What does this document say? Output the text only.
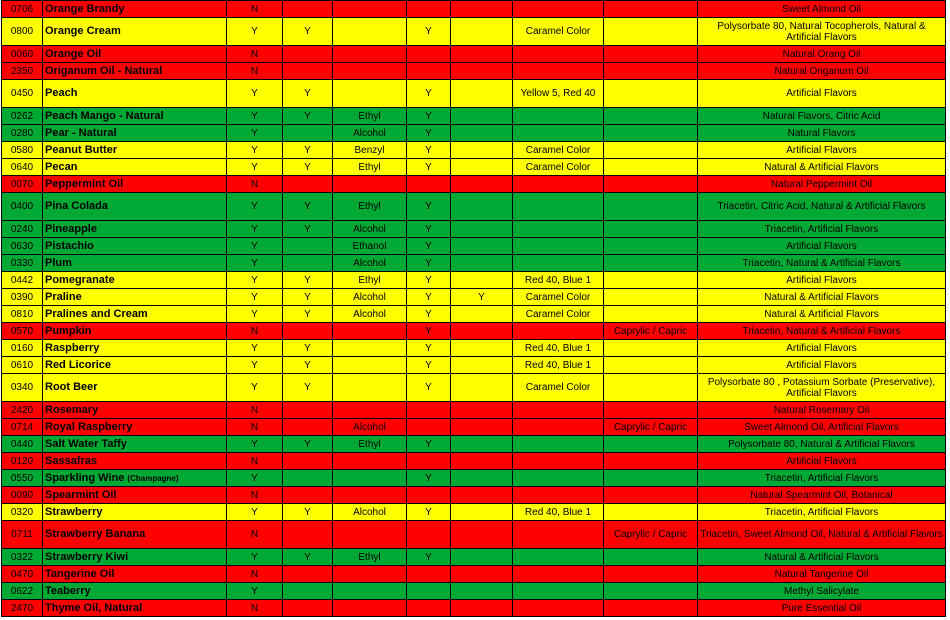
0706	Orange Brandy	N							Sweet Almond Oil
0800	Orange Cream	Y	Y		Y		Caramel Color		Polysorbate 80, Natural Tocopherols, Natural & Artificial Flavors
0060	Orange Oil	N							Natural Orang Oil
2350	Origanum Oil - Natural	N							Natural Origanum Oil
0450	Peach	Y	Y		Y		Yellow 5, Red 40		Artificial Flavors
0262	Peach Mango - Natural	Y	Y	Ethyl	Y				Natural Flavors, Citric Acid
0280	Pear - Natural	Y		Alcohol	Y				Natural Flavors
0580	Peanut Butter	Y	Y	Benzyl	Y		Caramel Color		Artificial Flavors
0640	Pecan	Y	Y	Ethyl	Y		Caramel Color		Natural & Artificial Flavors
0070	Peppermint Oil	N							Natural Peppermint Oil
0400	Pina Colada	Y	Y	Ethyl	Y				Triacetin, Citric Acid, Natural & Artificial Flavors
0240	Pineapple	Y	Y	Alcohol	Y				Triacetin, Artificial Flavors
0630	Pistachio	Y		Ethanol	Y				Artificial Flavors
0330	Plum	Y		Alcohol	Y				Triacetin, Natural & Artificial Flavors
0442	Pomegranate	Y	Y	Ethyl	Y		Red 40, Blue 1		Artificial Flavors
0390	Praline	Y	Y	Alcohol	Y	Y	Caramel Color		Natural & Artificial Flavors
0810	Pralines and Cream	Y	Y	Alcohol	Y		Caramel Color		Natural & Artificial Flavors
0570	Pumpkin	N			Y			Caprylic / Capric	Triacetin, Natural & Artificial Flavors
0160	Raspberry	Y	Y		Y		Red 40, Blue 1		Artificial Flavors
0610	Red Licorice	Y	Y		Y		Red 40, Blue 1		Artificial Flavors
0340	Root Beer	Y	Y		Y		Caramel Color		Polysorbate 80 , Potassium Sorbate (Preservative), Artificial Flavors
2420	Rosemary	N							Natural Rosemary Oil
0714	Royal Raspberry	N		Alcohol				Caprylic / Capric	Sweet Almond Oil, Artificial Flavors
0440	Salt Water Taffy	Y	Y	Ethyl	Y				Polysorbate 80, Natural & Artificial Flavors
0120	Sassafras	N							Artificial Flavors
0550	Sparkling Wine (Champagne)	Y			Y				Triacetin, Artificial Flavors
0090	Spearmint Oil	N							Natural Spearmint Oil, Botanical
0320	Strawberry	Y	Y	Alcohol	Y		Red 40, Blue 1		Triacetin, Artificial Flavors
0711	Strawberry Banana	N						Caprylic / Capric	Triacetin, Sweet Almond Oil, Natural & Artificial Flavors
0322	Strawberry Kiwi	Y	Y	Ethyl	Y				Natural & Artificial Flavors
0470	Tangerine Oil	N							Natural Tangerine Oil
0622	Teaberry	Y							Methyl Salicylate
2470	Thyme Oil, Natural	N							Pure Essential Oil
